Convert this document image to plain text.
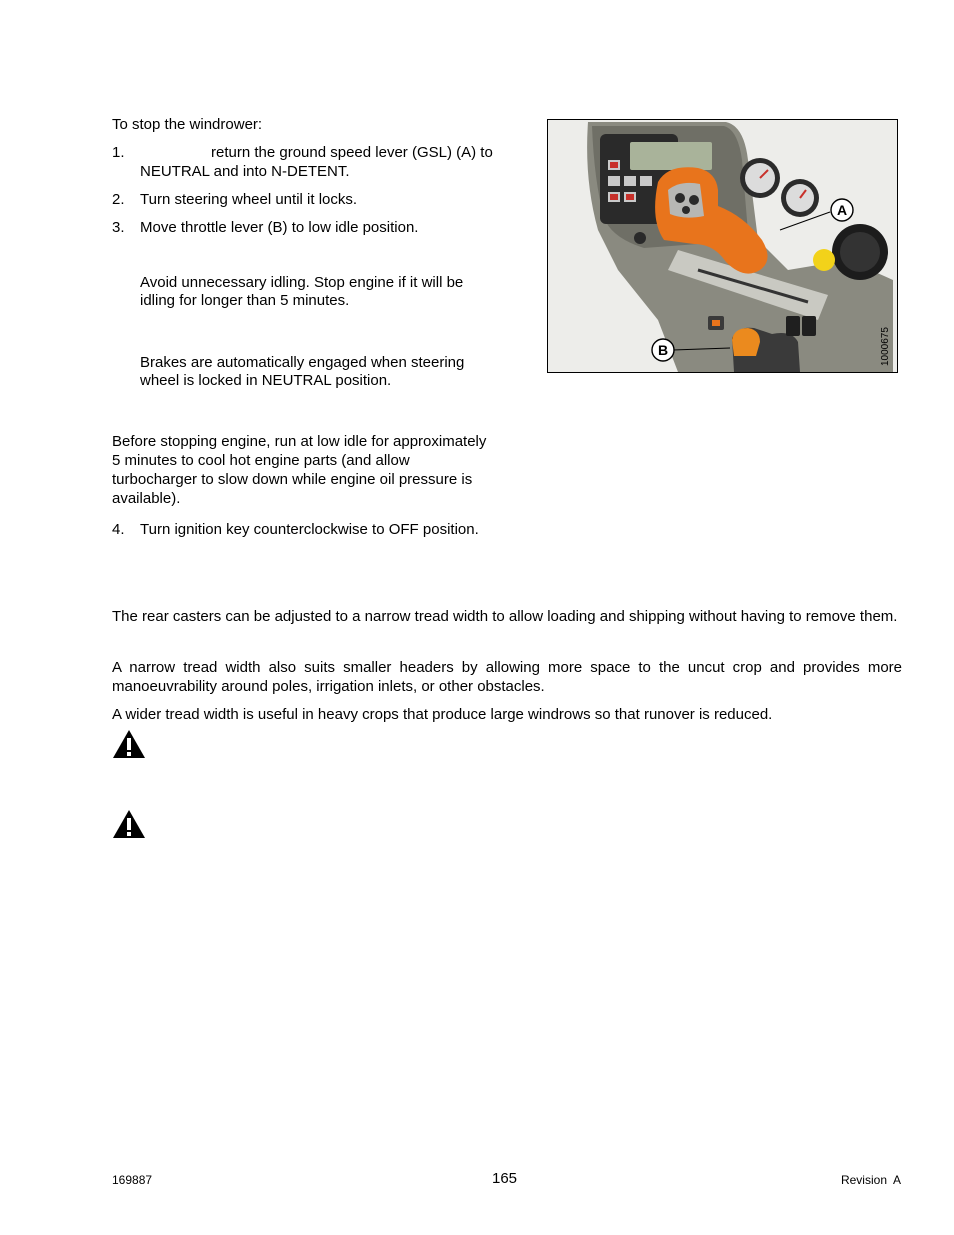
To stop the windrower:

1.	return the ground speed lever (GSL) (A) to

NEUTRAL and into N-DETENT.

2. Turn steering wheel until it locks.

3. Move throttle lever (B) to low idle position.

Avoid unnecessary idling. Stop engine if it will be

idling for longer than 5 minutes.

Brakes are automatically engaged when steering

wheel is locked in NEUTRAL position.

Before stopping engine, run at low idle for approximately

5 minutes to cool hot engine parts (and allow

turbocharger to slow down while engine oil pressure is

available).

4. Turn ignition key counterclockwise to OFF position.

A
B	1000675

The rear casters can be adjusted to a narrow tread width to allow loading and shipping without having to remove them.

A narrow tread width also suits smaller headers by allowing more space to the uncut crop and provides more manoeuvrability around poles, irrigation inlets, or other obstacles.

A wider tread width is useful in heavy crops that produce large windrows so that runover is reduced.

169887	165	Revision  A
